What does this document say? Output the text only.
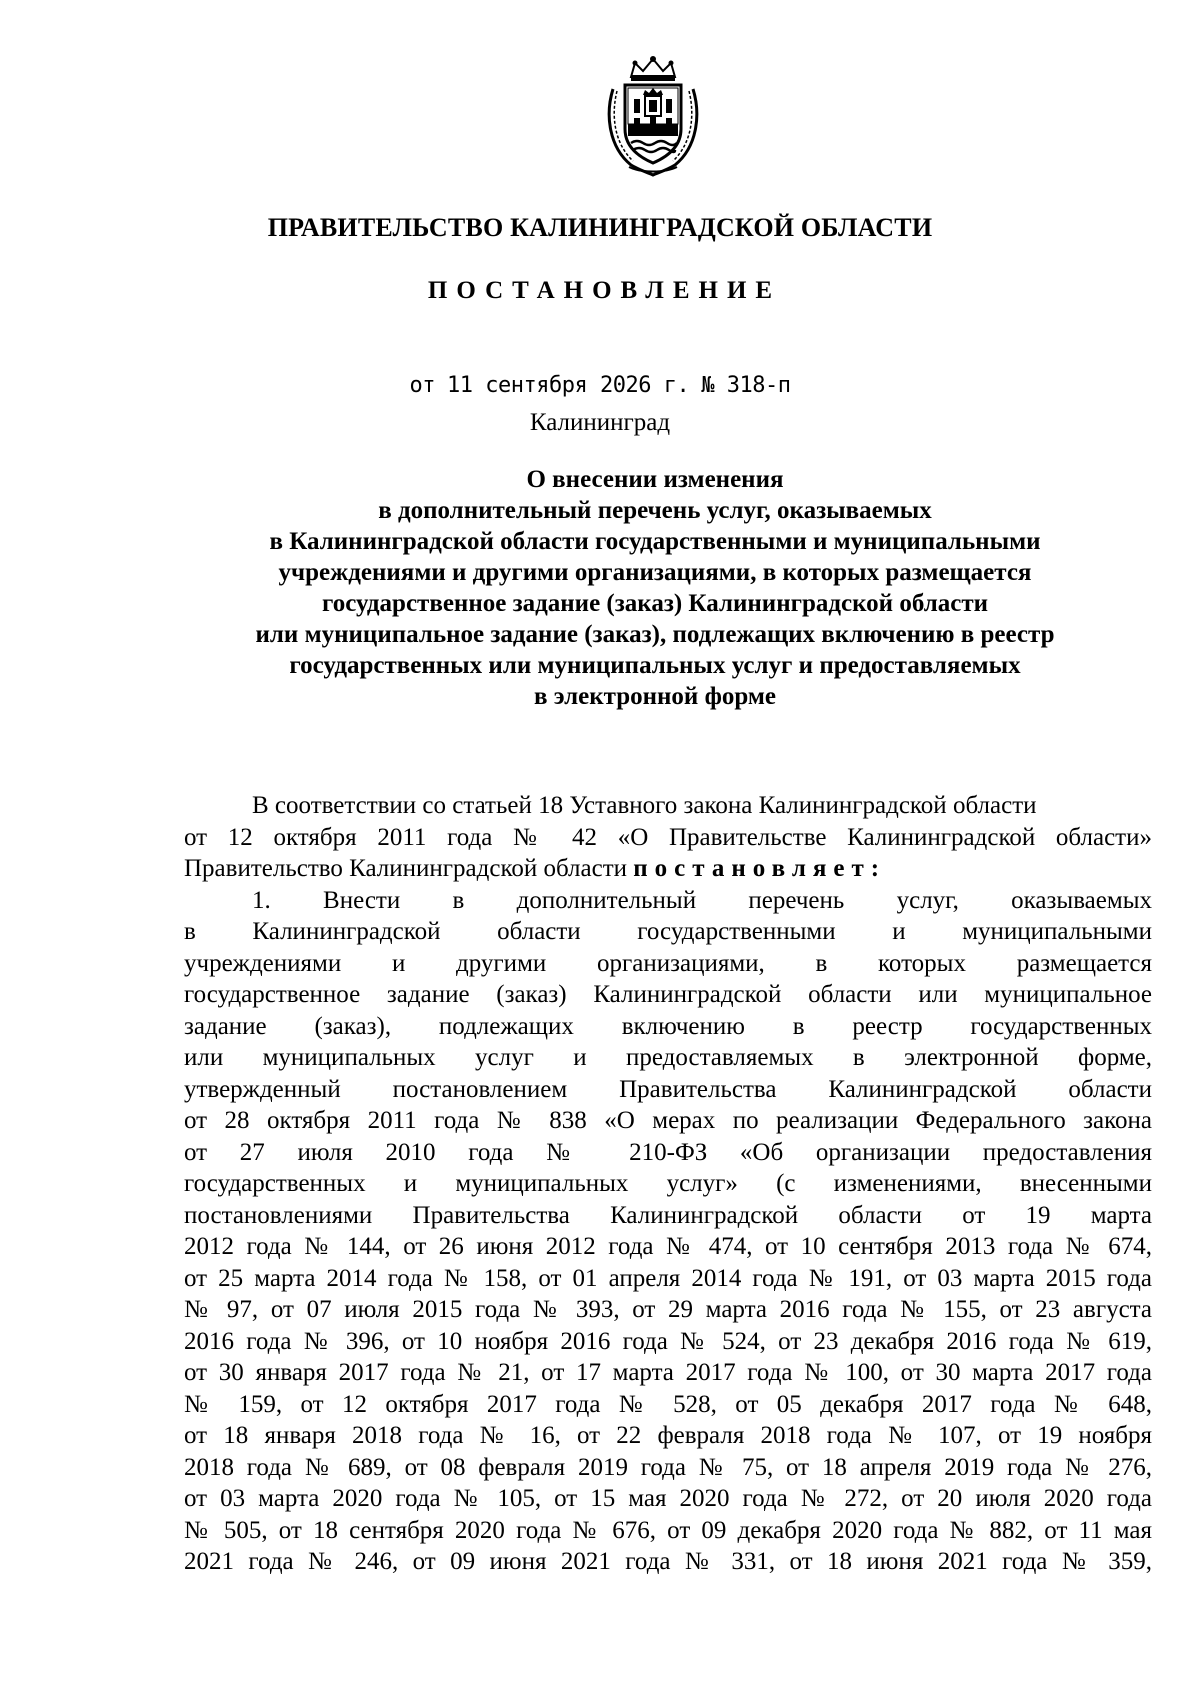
ПРАВИТЕЛЬСТВО КАЛИНИНГРАДСКОЙ ОБЛАСТИ
ПОСТАНОВЛЕНИЕ
от 11 сентября 2026 г. № 318-п
Калининград
О внесении изменения
в дополнительный перечень услуг, оказываемых
в Калининградской области государственными и муниципальными
учреждениями и другими организациями, в которых размещается
государственное задание (заказ) Калининградской области
или муниципальное задание (заказ), подлежащих включению в реестр
государственных или муниципальных услуг и предоставляемых
в электронной форме
В соответствии со статьей 18 Уставного закона Калининградской области
от 12 октября 2011 года № 42 «О Правительстве Калининградской области»
Правительство Калининградской области постановляет:
1. Внести в дополнительный перечень услуг, оказываемых
в Калининградской области государственными и муниципальными
учреждениями и другими организациями, в которых размещается
государственное задание (заказ) Калининградской области или муниципальное
задание (заказ), подлежащих включению в реестр государственных
или муниципальных услуг и предоставляемых в электронной форме,
утвержденный постановлением Правительства Калининградской области
от 28 октября 2011 года № 838 «О мерах по реализации Федерального закона
от 27 июля 2010 года № 210-ФЗ «Об организации предоставления
государственных и муниципальных услуг» (с изменениями, внесенными
постановлениями Правительства Калининградской области от 19 марта
2012 года № 144, от 26 июня 2012 года № 474, от 10 сентября 2013 года № 674,
от 25 марта 2014 года № 158, от 01 апреля 2014 года № 191, от 03 марта 2015 года
№ 97, от 07 июля 2015 года № 393, от 29 марта 2016 года № 155, от 23 августа
2016 года № 396, от 10 ноября 2016 года № 524, от 23 декабря 2016 года № 619,
от 30 января 2017 года № 21, от 17 марта 2017 года № 100, от 30 марта 2017 года
№ 159, от 12 октября 2017 года № 528, от 05 декабря 2017 года № 648,
от 18 января 2018 года № 16, от 22 февраля 2018 года № 107, от 19 ноября
2018 года № 689, от 08 февраля 2019 года № 75, от 18 апреля 2019 года № 276,
от 03 марта 2020 года № 105, от 15 мая 2020 года № 272, от 20 июля 2020 года
№ 505, от 18 сентября 2020 года № 676, от 09 декабря 2020 года № 882, от 11 мая
2021 года № 246, от 09 июня 2021 года № 331, от 18 июня 2021 года № 359,
